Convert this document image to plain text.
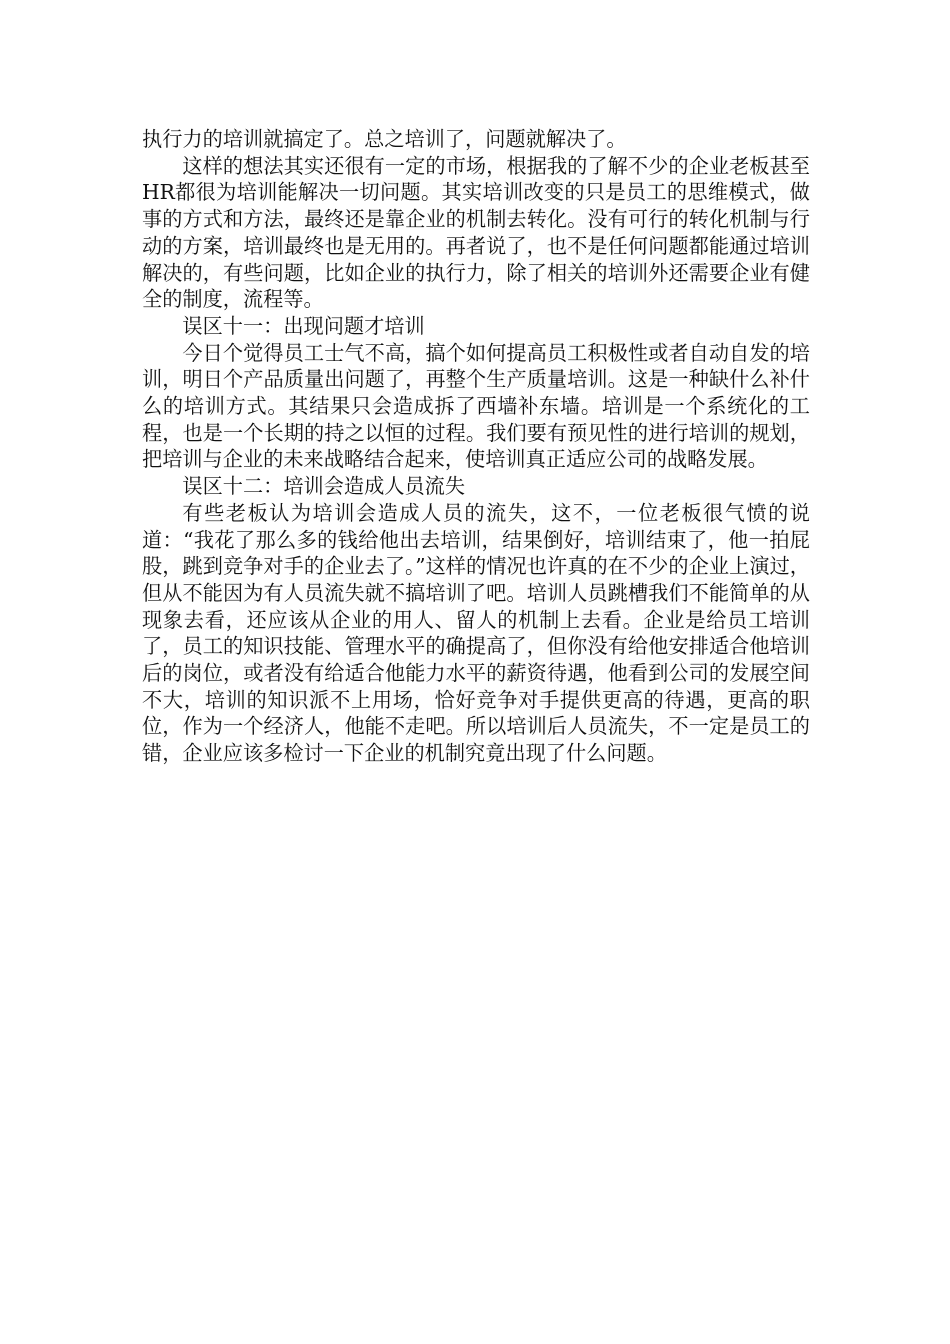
执行力的培训就搞定了。总之培训了，问题就解决了。

这样的想法其实还很有一定的市场，根据我的了解不少的企业老板甚至HR都很为培训能解决一切问题。其实培训改变的只是员工的思维模式，做事的方式和方法，最终还是靠企业的机制去转化。没有可行的转化机制与行动的方案，培训最终也是无用的。再者说了，也不是任何问题都能通过培训解决的，有些问题，比如企业的执行力，除了相关的培训外还需要企业有健全的制度，流程等。

误区十一：出现问题才培训

今日个觉得员工士气不高，搞个如何提高员工积极性或者自动自发的培训，明日个产品质量出问题了，再整个生产质量培训。这是一种缺什么补什么的培训方式。其结果只会造成拆了西墙补东墙。培训是一个系统化的工程，也是一个长期的持之以恒的过程。我们要有预见性的进行培训的规划，把培训与企业的未来战略结合起来，使培训真正适应公司的战略发展。

误区十二：培训会造成人员流失

有些老板认为培训会造成人员的流失，这不，一位老板很气愤的说道：“我花了那么多的钱给他出去培训，结果倒好，培训结束了，他一拍屁股，跳到竞争对手的企业去了。”这样的情况也许真的在不少的企业上演过，但从不能因为有人员流失就不搞培训了吧。培训人员跳槽我们不能简单的从现象去看，还应该从企业的用人、留人的机制上去看。企业是给员工培训了，员工的知识技能、管理水平的确提高了，但你没有给他安排适合他培训后的岗位，或者没有给适合他能力水平的薪资待遇，他看到公司的发展空间不大，培训的知识派不上用场，恰好竞争对手提供更高的待遇，更高的职位，作为一个经济人，他能不走吧。所以培训后人员流失，不一定是员工的错，企业应该多检讨一下企业的机制究竟出现了什么问题。
